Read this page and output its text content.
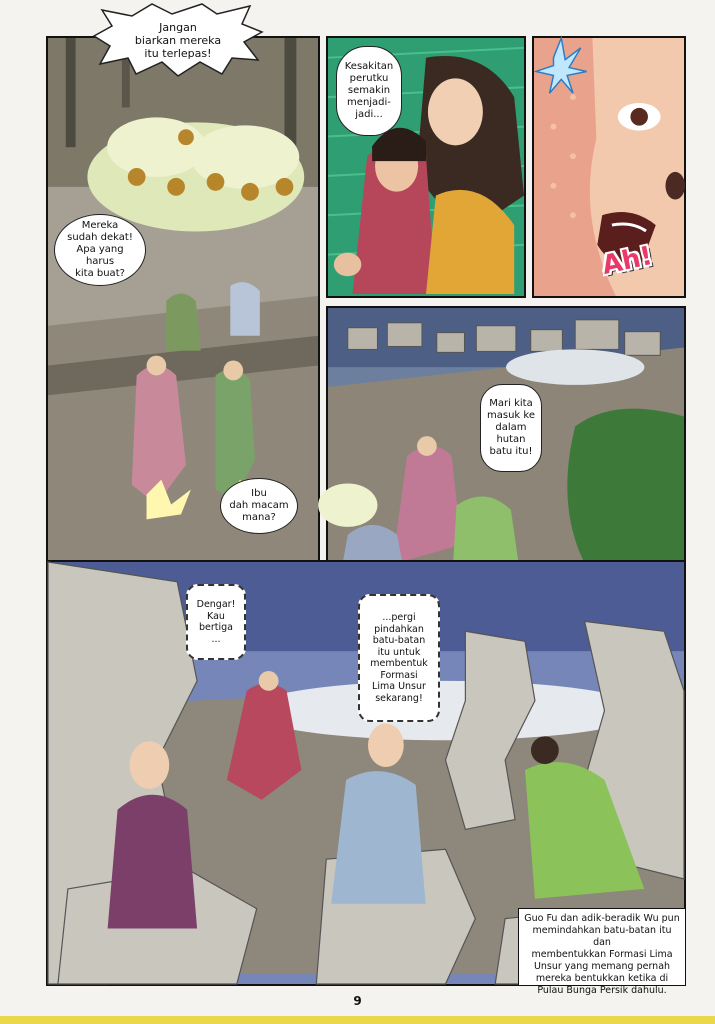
Mereka
sudah dekat!
Apa yang harus
kita buat?
Ibu
dah macam
mana?
Jangan
biarkan mereka
itu terlepas!
Kesakitan
perutku
semakin
menjadi-
jadi...
Ah!
Mari kita
masuk ke
dalam
hutan
batu itu!
Dengar!
Kau
bertiga
...
...pergi
pindahkan
batu-batan
itu untuk
membentuk
Formasi
Lima Unsur
sekarang!
Guo Fu dan adik-beradik Wu pun
memindahkan batu-batan itu dan
membentukkan Formasi Lima
Unsur yang memang pernah
mereka bentukkan ketika di
Pulau Bunga Persik dahulu.
9
